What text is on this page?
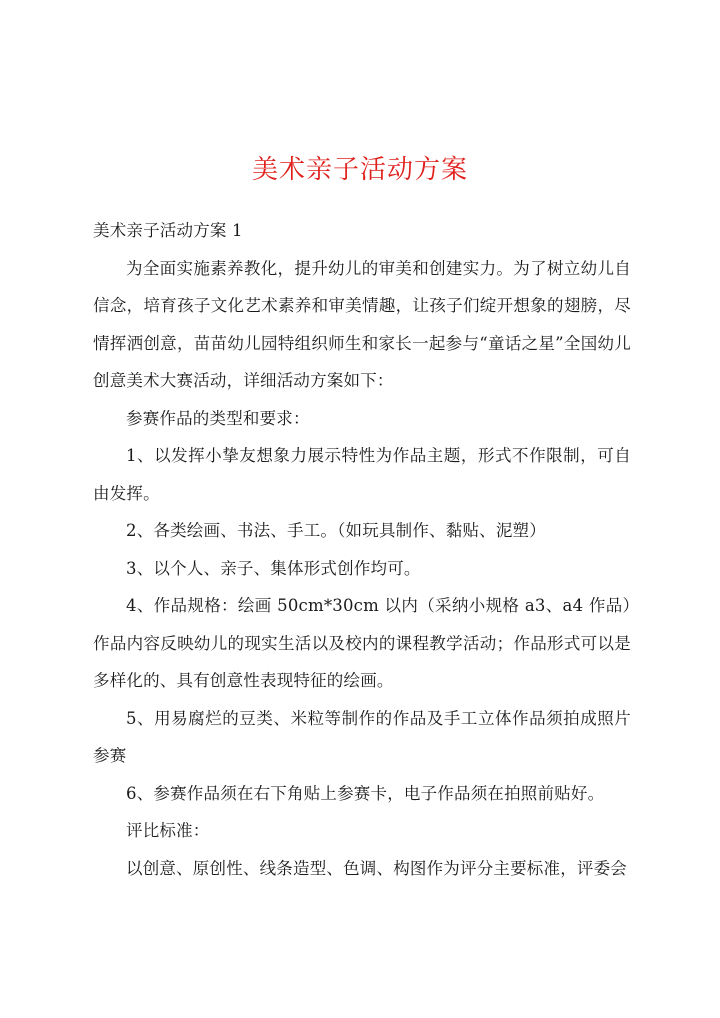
美术亲子活动方案

美术亲子活动方案 1

为全面实施素养教化，提升幼儿的审美和创建实力。为了树立幼儿自信念，培育孩子文化艺术素养和审美情趣，让孩子们绽开想象的翅膀，尽情挥洒创意，苗苗幼儿园特组织师生和家长一起参与“童话之星”全国幼儿创意美术大赛活动，详细活动方案如下：

参赛作品的类型和要求：

1、以发挥小挚友想象力展示特性为作品主题，形式不作限制，可自由发挥。

2、各类绘画、书法、手工。（如玩具制作、黏贴、泥塑）

3、以个人、亲子、集体形式创作均可。

4、作品规格：绘画 50cm*30cm 以内（采纳小规格 a3、a4 作品）作品内容反映幼儿的现实生活以及校内的课程教学活动；作品形式可以是多样化的、具有创意性表现特征的绘画。

5、用易腐烂的豆类、米粒等制作的作品及手工立体作品须拍成照片参赛

6、参赛作品须在右下角贴上参赛卡，电子作品须在拍照前贴好。

评比标准：

以创意、原创性、线条造型、色调、构图作为评分主要标准，评委会
